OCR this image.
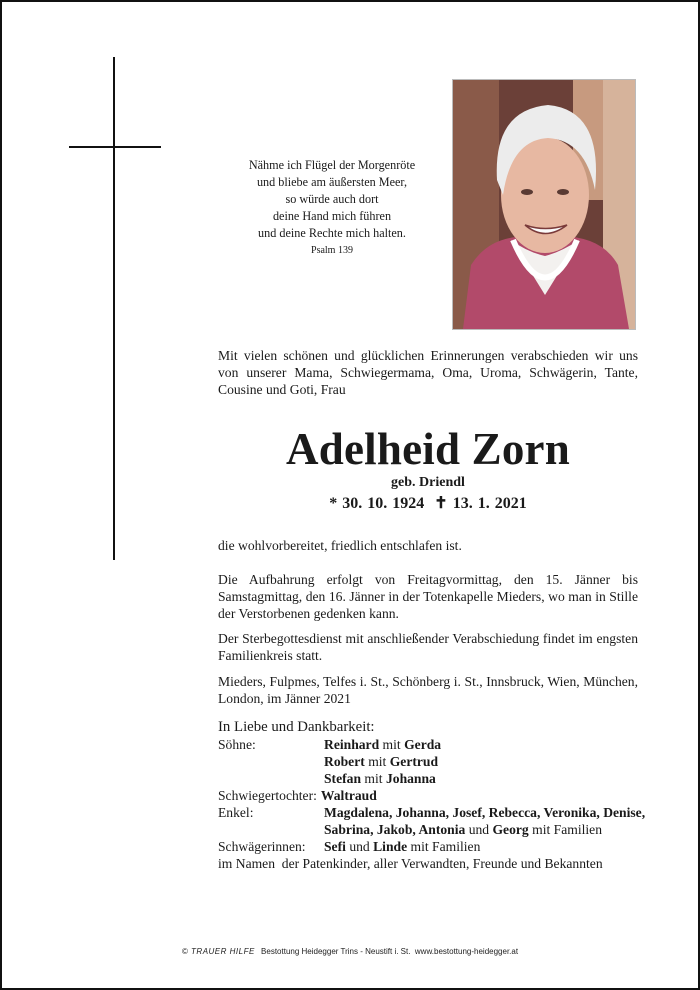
Nähme ich Flügel der Morgenröte
und bliebe am äußersten Meer,
so würde auch dort
deine Hand mich führen
und deine Rechte mich halten.
Psalm 139
Mit vielen schönen und glücklichen Erinnerungen verabschieden wir uns von unserer Mama, Schwiegermama, Oma, Uroma, Schwägerin, Tante, Cousine und Goti, Frau
Adelheid Zorn
geb. Driendl
* 30. 10. 1924 ✝ 13. 1. 2021
die wohlvorbereitet, friedlich entschlafen ist.
Die Aufbahrung erfolgt von Freitagvormittag, den 15. Jänner bis Samstagmittag, den 16. Jänner in der Totenkapelle Mieders, wo man in Stille der Verstorbenen gedenken kann.
Der Sterbegottesdienst mit anschließender Verabschiedung findet im engsten Familienkreis statt.
Mieders, Fulpmes, Telfes i. St., Schönberg i. St., Innsbruck, Wien, München, London, im Jänner 2021
In Liebe und Dankbarkeit:
Söhne:	Reinhard mit Gerda
Robert mit Gertrud
Stefan mit Johanna
Schwiegertochter: Waltraud
Enkel:	Magdalena, Johanna, Josef, Rebecca, Veronika, Denise,
Sabrina, Jakob, Antonia und Georg mit Familien
Schwägerinnen:	Sefi und Linde mit Familien
im Namen  der Patenkinder, aller Verwandten, Freunde und Bekannten
© TRAUER HILFE Bestottung Heidegger Trins - Neustift i. St.  www.bestottung-heidegger.at
